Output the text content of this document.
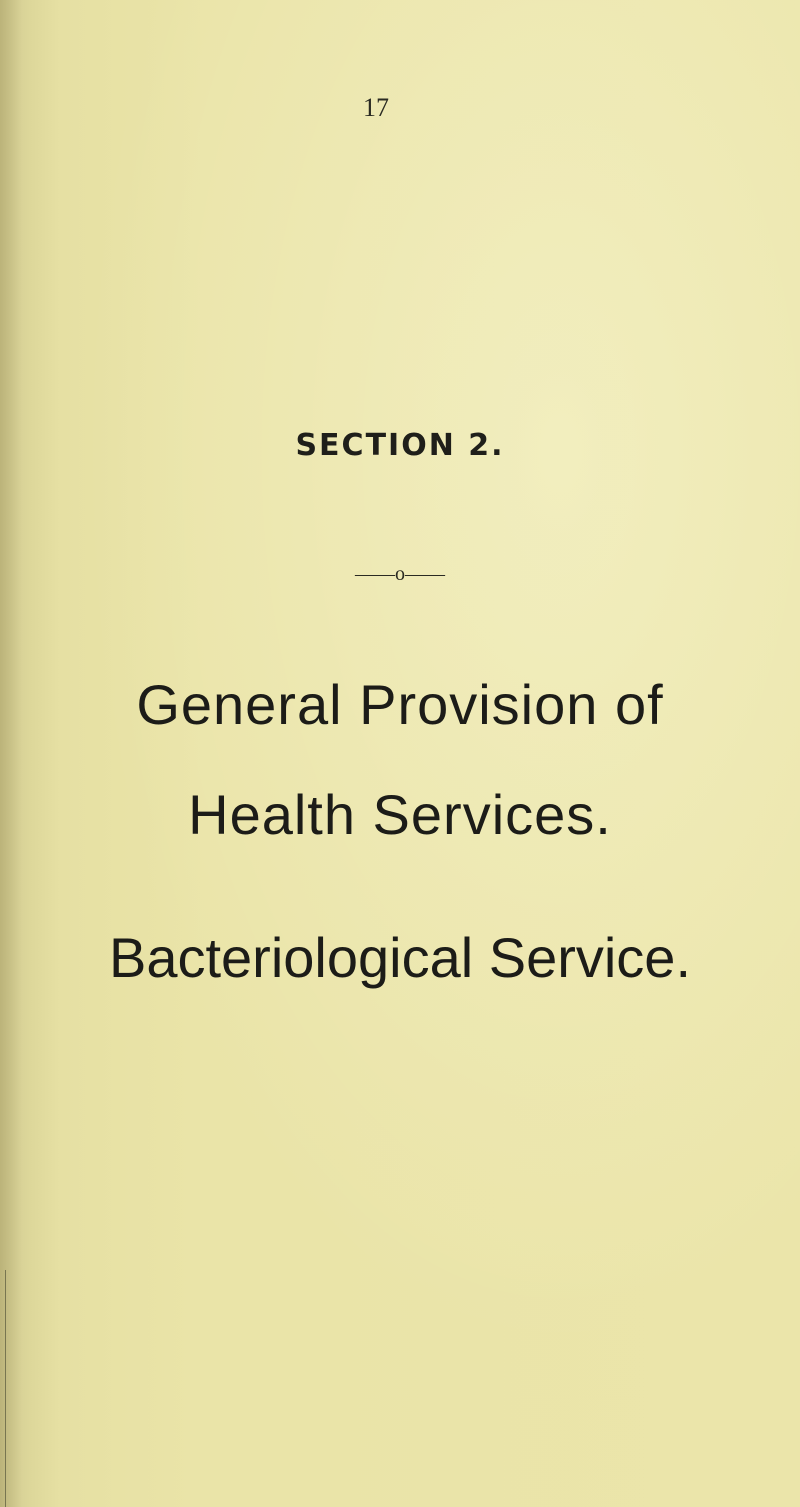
17
SECTION 2.
——o——
General Provision of
Health Services.
Bacteriological Service.
